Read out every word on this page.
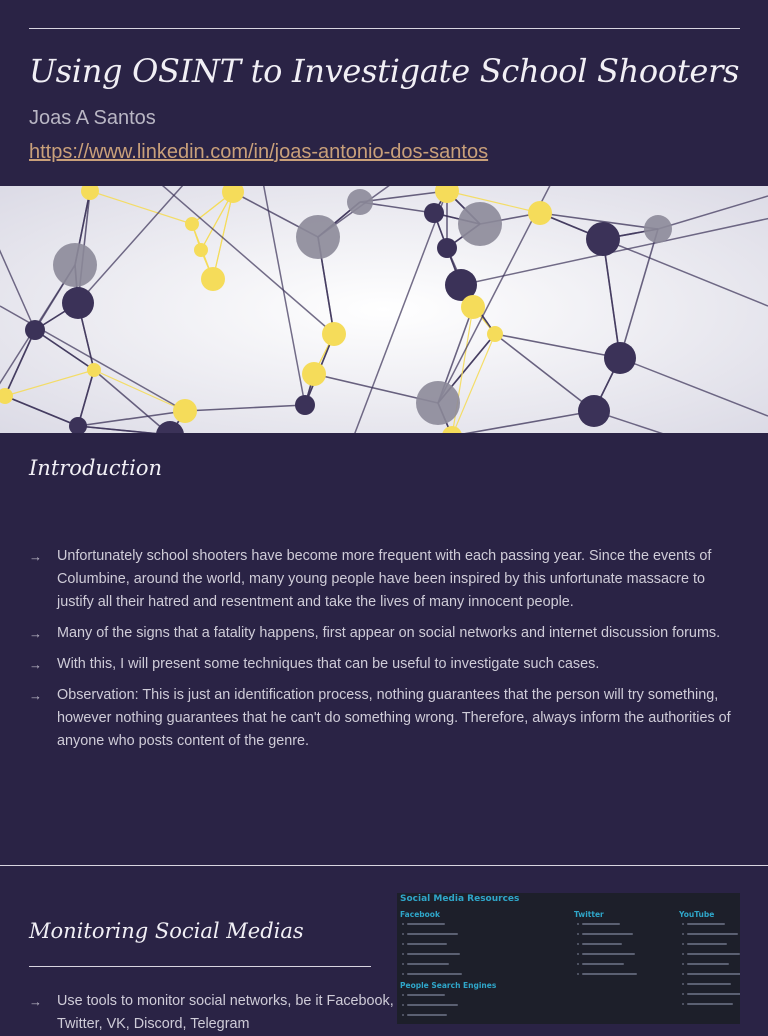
Using OSINT to Investigate School Shooters
Joas A Santos
https://www.linkedin.com/in/joas-antonio-dos-santos
Introduction
→ Unfortunately school shooters have become more frequent with each passing year. Since the events of Columbine, around the world, many young people have been inspired by this unfortunate massacre to justify all their hatred and resentment and take the lives of many innocent people.
→ Many of the signs that a fatality happens, first appear on social networks and internet discussion forums.
→ With this, I will present some techniques that can be useful to investigate such cases.
→ Observation: This is just an identification process, nothing guarantees that the person will try something, however nothing guarantees that he can't do something wrong. Therefore, always inform the authorities of anyone who posts content of the genre.
Monitoring Social Medias
→ Use tools to monitor social networks, be it Facebook, Twitter, VK, Discord, Telegram
Social Media Resources
Facebook	Twitter	YouTube
People Search Engines
